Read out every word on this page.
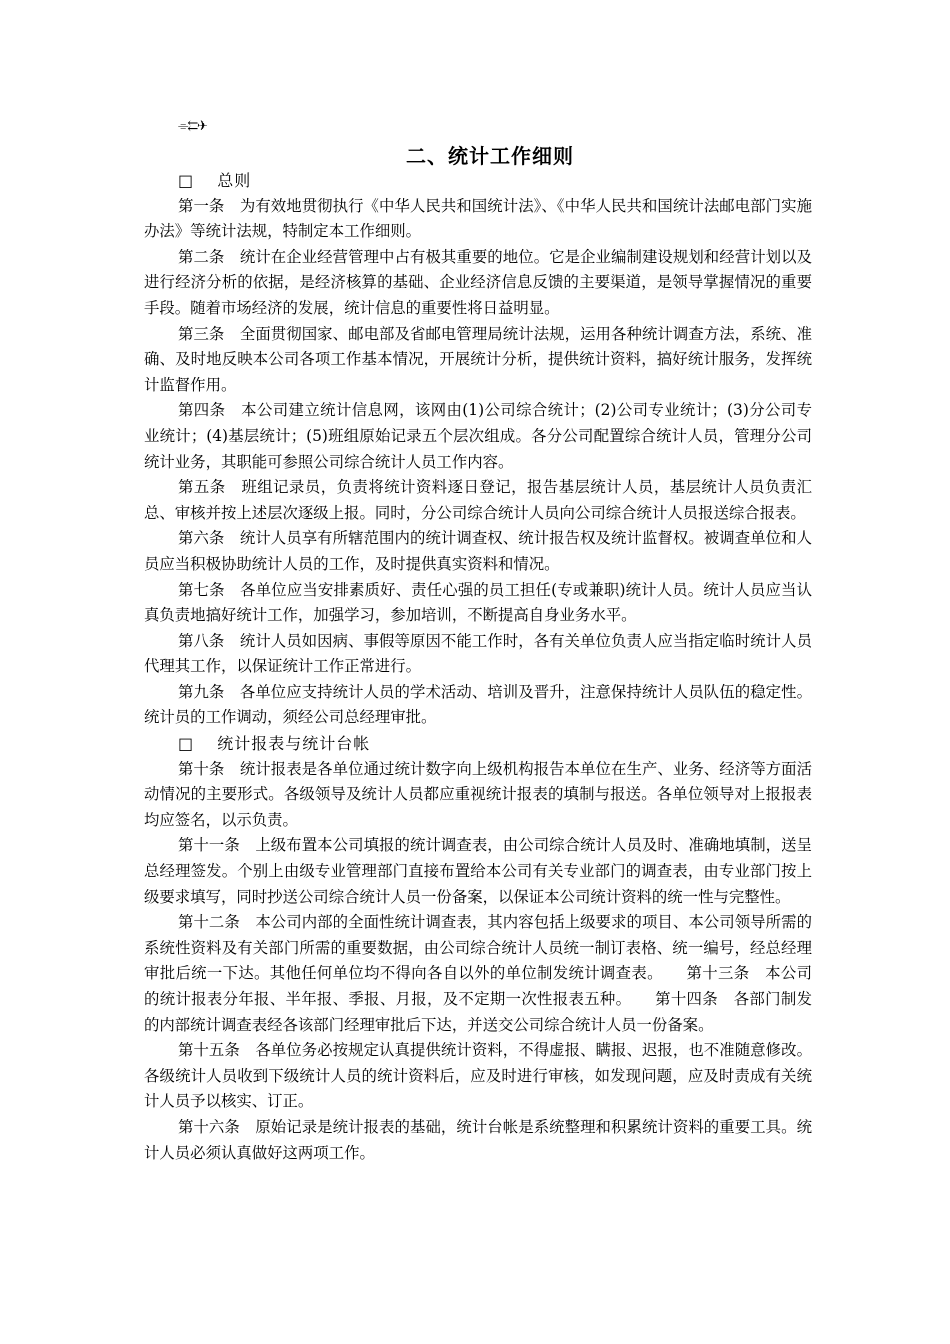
⌯⇇✈
二、统计工作细则

□　 总则

第一条　为有效地贯彻执行《中华人民共和国统计法》、《中华人民共和国统计法邮电部门实施办法》等统计法规，特制定本工作细则。

第二条　统计在企业经营管理中占有极其重要的地位。它是企业编制建设规划和经营计划以及进行经济分析的依据，是经济核算的基础、企业经济信息反馈的主要渠道，是领导掌握情况的重要手段。随着市场经济的发展，统计信息的重要性将日益明显。

第三条　全面贯彻国家、邮电部及省邮电管理局统计法规，运用各种统计调查方法，系统、准确、及时地反映本公司各项工作基本情况，开展统计分析，提供统计资料，搞好统计服务，发挥统计监督作用。

第四条　本公司建立统计信息网，该网由(1)公司综合统计；(2)公司专业统计；(3)分公司专业统计；(4)基层统计；(5)班组原始记录五个层次组成。各分公司配置综合统计人员，管理分公司统计业务，其职能可参照公司综合统计人员工作内容。

第五条　班组记录员，负责将统计资料逐日登记，报告基层统计人员，基层统计人员负责汇总、审核并按上述层次逐级上报。同时，分公司综合统计人员向公司综合统计人员报送综合报表。

第六条　统计人员享有所辖范围内的统计调查权、统计报告权及统计监督权。被调查单位和人员应当积极协助统计人员的工作，及时提供真实资料和情况。

第七条　各单位应当安排素质好、责任心强的员工担任(专或兼职)统计人员。统计人员应当认真负责地搞好统计工作，加强学习，参加培训，不断提高自身业务水平。

第八条　统计人员如因病、事假等原因不能工作时，各有关单位负责人应当指定临时统计人员代理其工作，以保证统计工作正常进行。

第九条　各单位应支持统计人员的学术活动、培训及晋升，注意保持统计人员队伍的稳定性。统计员的工作调动，须经公司总经理审批。

□　 统计报表与统计台帐

第十条　统计报表是各单位通过统计数字向上级机构报告本单位在生产、业务、经济等方面活动情况的主要形式。各级领导及统计人员都应重视统计报表的填制与报送。各单位领导对上报报表均应签名，以示负责。

第十一条　上级布置本公司填报的统计调查表，由公司综合统计人员及时、准确地填制，送呈总经理签发。个别上由级专业管理部门直接布置给本公司有关专业部门的调查表，由专业部门按上级要求填写，同时抄送公司综合统计人员一份备案，以保证本公司统计资料的统一性与完整性。

第十二条　本公司内部的全面性统计调查表，其内容包括上级要求的项目、本公司领导所需的系统性资料及有关部门所需的重要数据，由公司综合统计人员统一制订表格、统一编号，经总经理审批后统一下达。其他任何单位均不得向各自以外的单位制发统计调查表。　　第十三条　本公司的统计报表分年报、半年报、季报、月报，及不定期一次性报表五种。　　第十四条　各部门制发的内部统计调查表经各该部门经理审批后下达，并送交公司综合统计人员一份备案。

第十五条　各单位务必按规定认真提供统计资料，不得虚报、瞒报、迟报，也不准随意修改。各级统计人员收到下级统计人员的统计资料后，应及时进行审核，如发现问题，应及时责成有关统计人员予以核实、订正。

第十六条　原始记录是统计报表的基础，统计台帐是系统整理和积累统计资料的重要工具。统计人员必须认真做好这两项工作。
